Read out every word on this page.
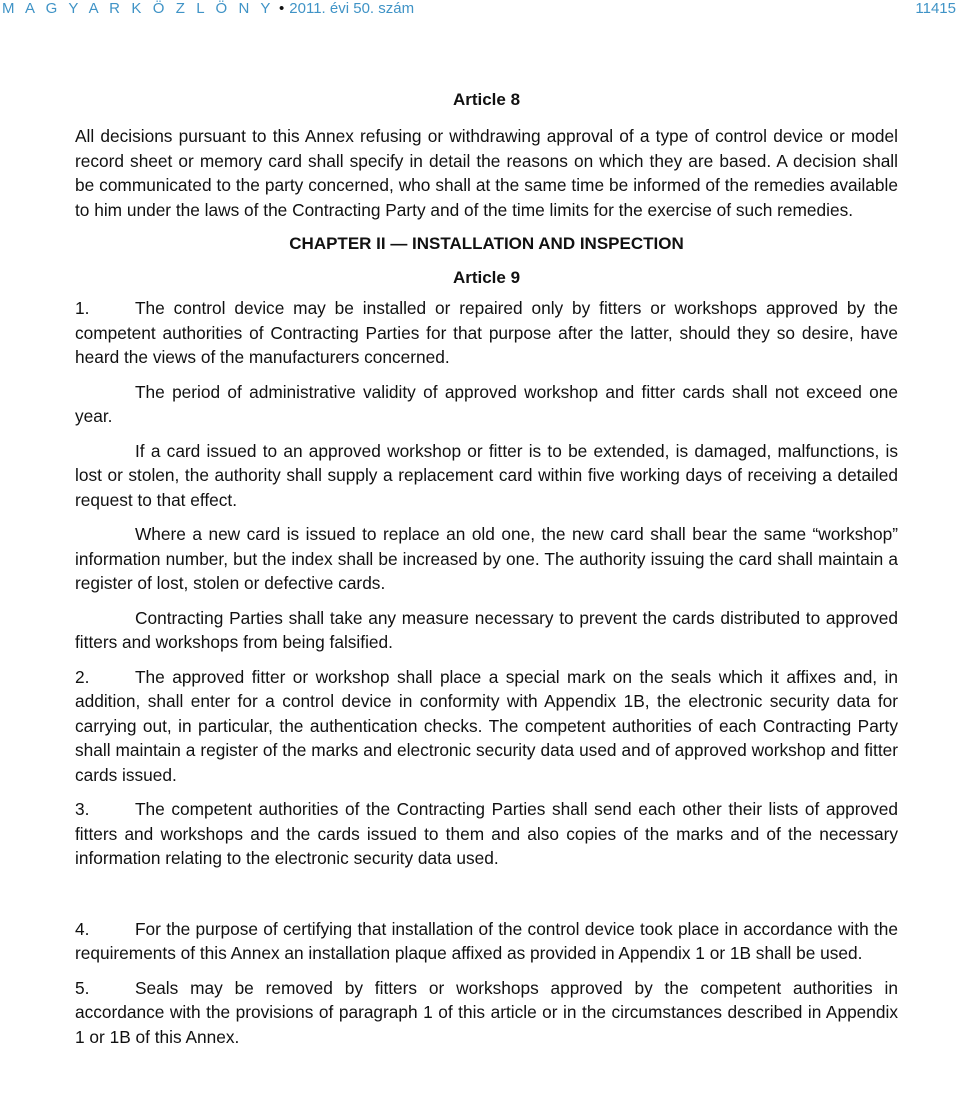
M A G Y A R K Ö Z L Ö N Y • 2011. évi 50. szám	11415
Article 8

All decisions pursuant to this Annex refusing or withdrawing approval of a type of control device or model record sheet or memory card shall specify in detail the reasons on which they are based. A decision shall be communicated to the party concerned, who shall at the same time be informed of the remedies available to him under the laws of the Contracting Party and of the time limits for the exercise of such remedies.

CHAPTER II — INSTALLATION AND INSPECTION
Article 9

1.	The control device may be installed or repaired only by fitters or workshops approved by the competent authorities of Contracting Parties for that purpose after the latter, should they so desire, have heard the views of the manufacturers concerned.

The period of administrative validity of approved workshop and fitter cards shall not exceed one year.

If a card issued to an approved workshop or fitter is to be extended, is damaged, malfunctions, is lost or stolen, the authority shall supply a replacement card within five working days of receiving a detailed request to that effect.

Where a new card is issued to replace an old one, the new card shall bear the same “workshop” information number, but the index shall be increased by one. The authority issuing the card shall maintain a register of lost, stolen or defective cards.

Contracting Parties shall take any measure necessary to prevent the cards distributed to approved fitters and workshops from being falsified.

2.	The approved fitter or workshop shall place a special mark on the seals which it affixes and, in addition, shall enter for a control device in conformity with Appendix 1B, the electronic security data for carrying out, in particular, the authentication checks. The competent authorities of each Contracting Party shall maintain a register of the marks and electronic security data used and of approved workshop and fitter cards issued.

3.	The competent authorities of the Contracting Parties shall send each other their lists of approved fitters and workshops and the cards issued to them and also copies of the marks and of the necessary information relating to the electronic security data used.

4.	For the purpose of certifying that installation of the control device took place in accordance with the requirements of this Annex an installation plaque affixed as provided in Appendix 1 or 1B shall be used.

5.	Seals may be removed by fitters or workshops approved by the competent authorities in accordance with the provisions of paragraph 1 of this article or in the circumstances described in Appendix 1 or 1B of this Annex.
